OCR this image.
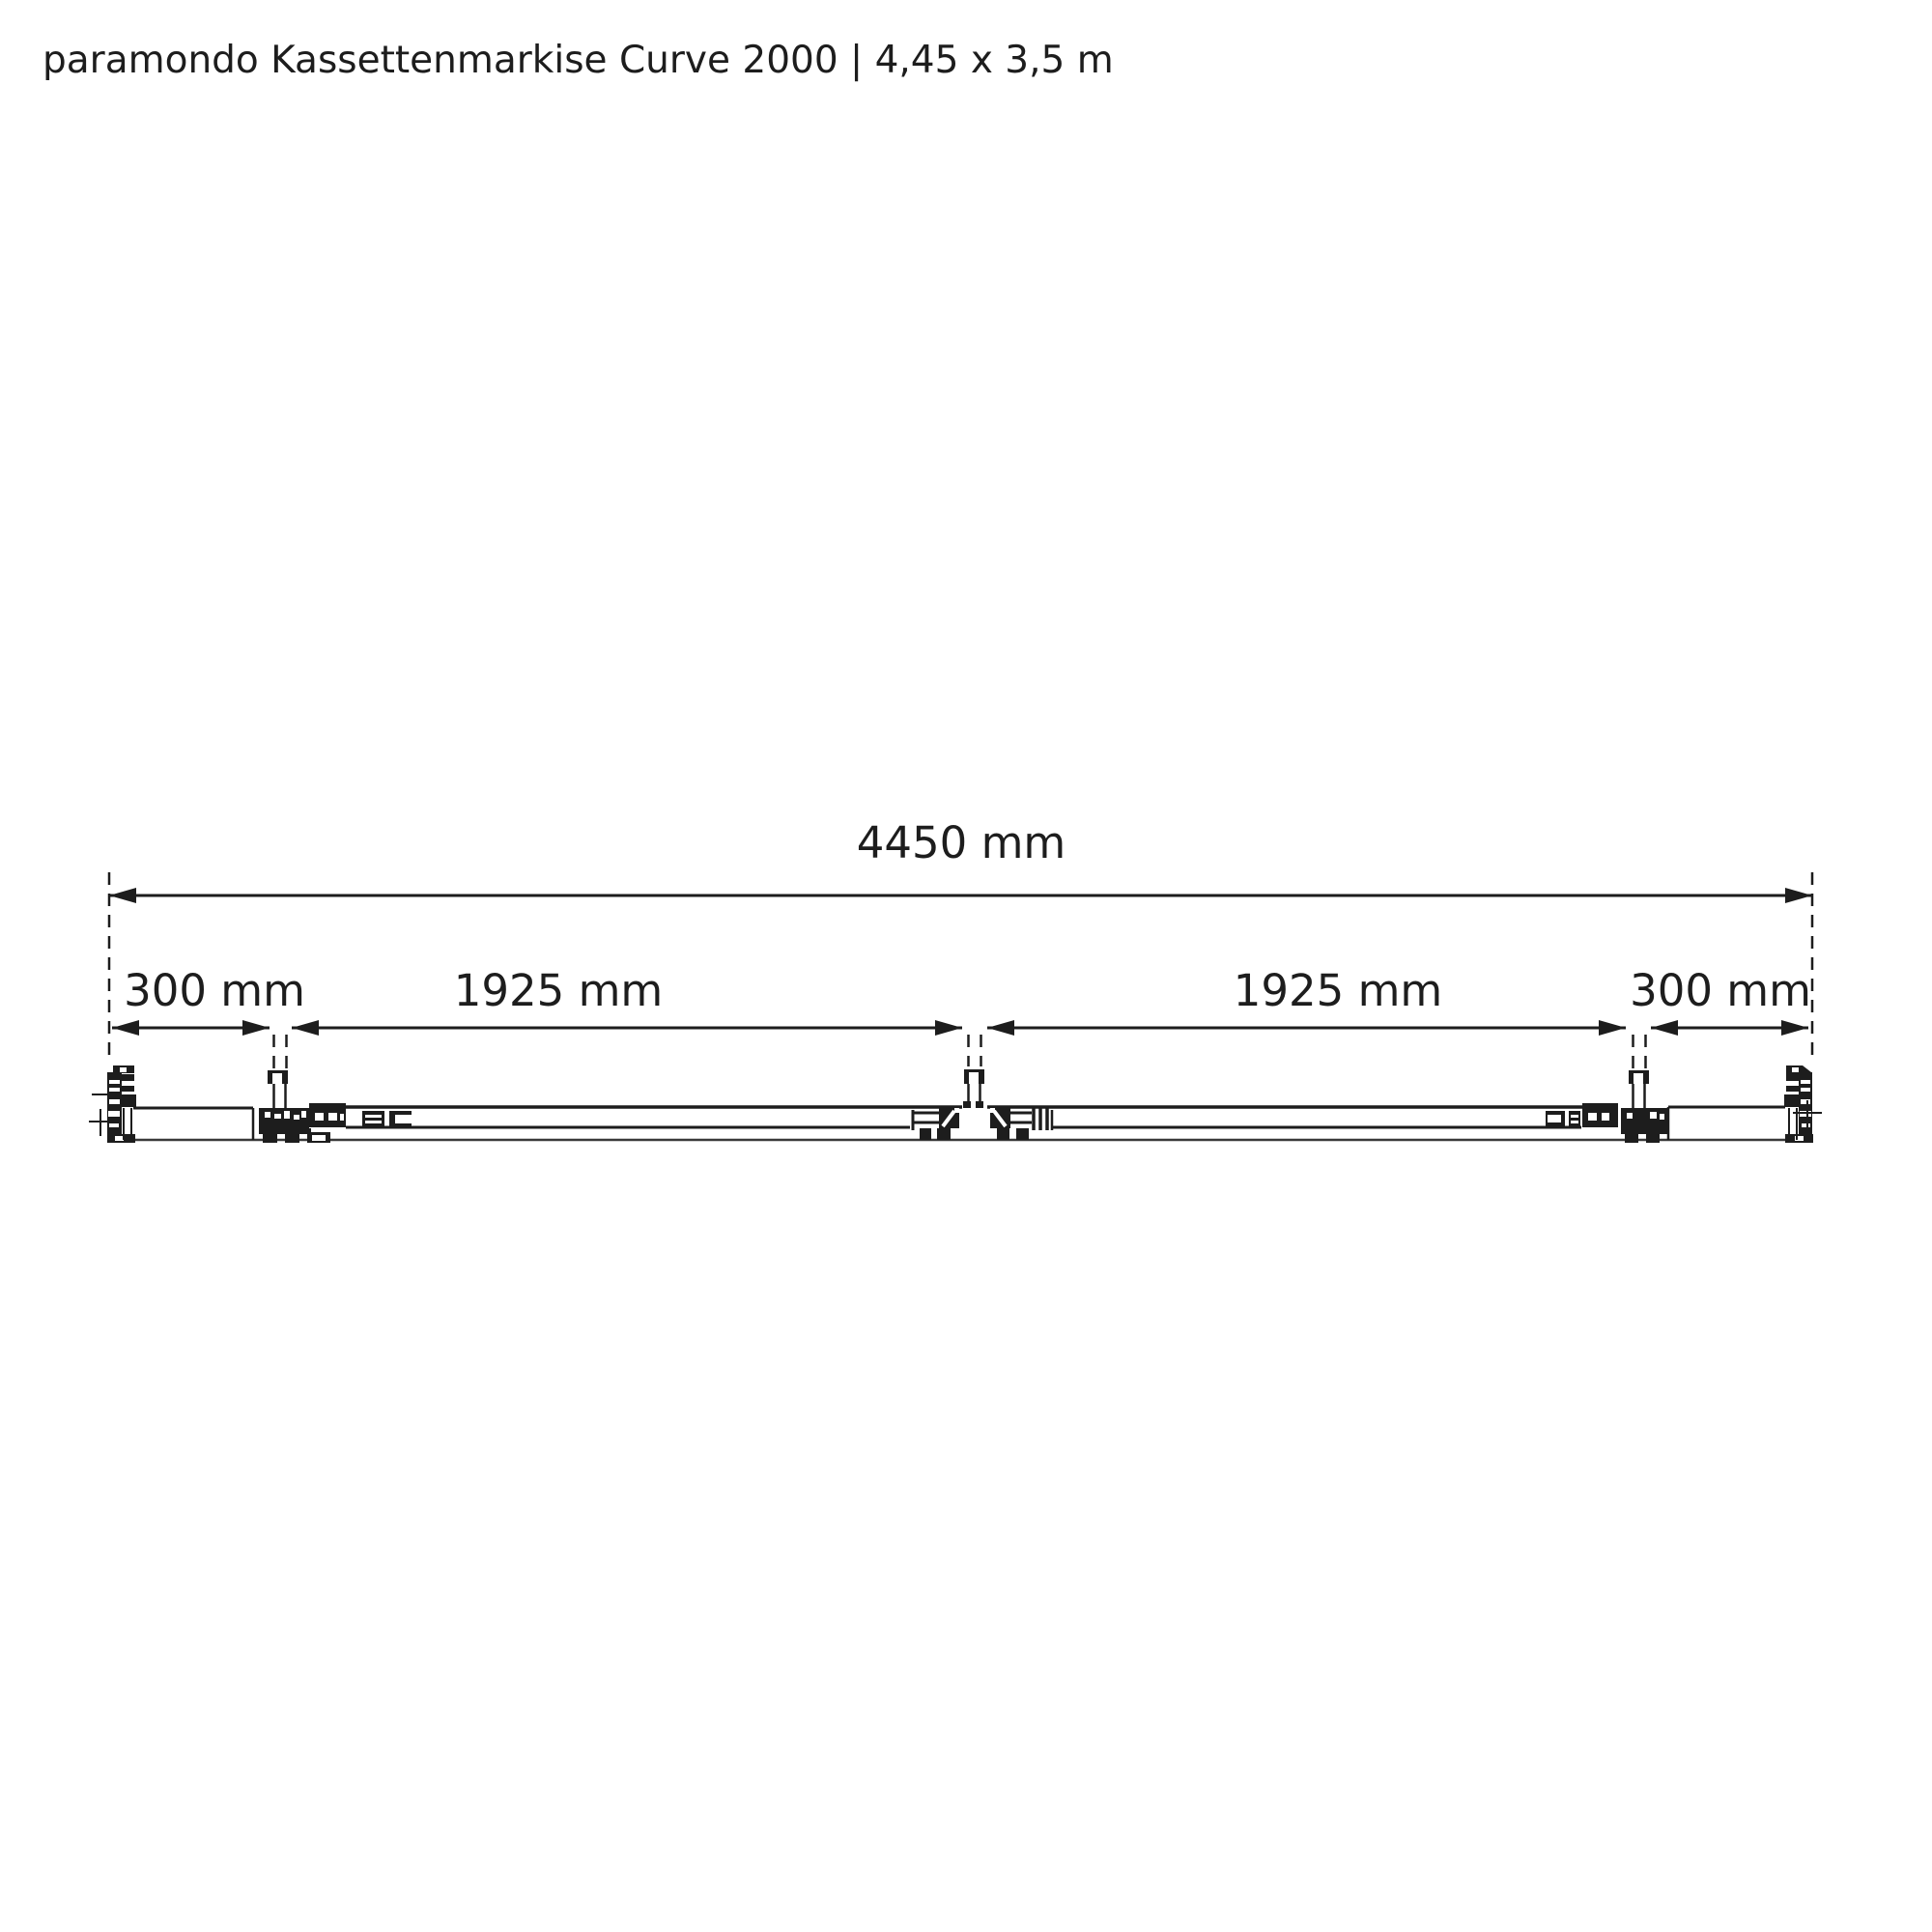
paramondo Kassettenmarkise Curve 2000 | 4,45 x 3,5 m
4450 mm
300 mm	1925 mm	1925 mm	300 mm
